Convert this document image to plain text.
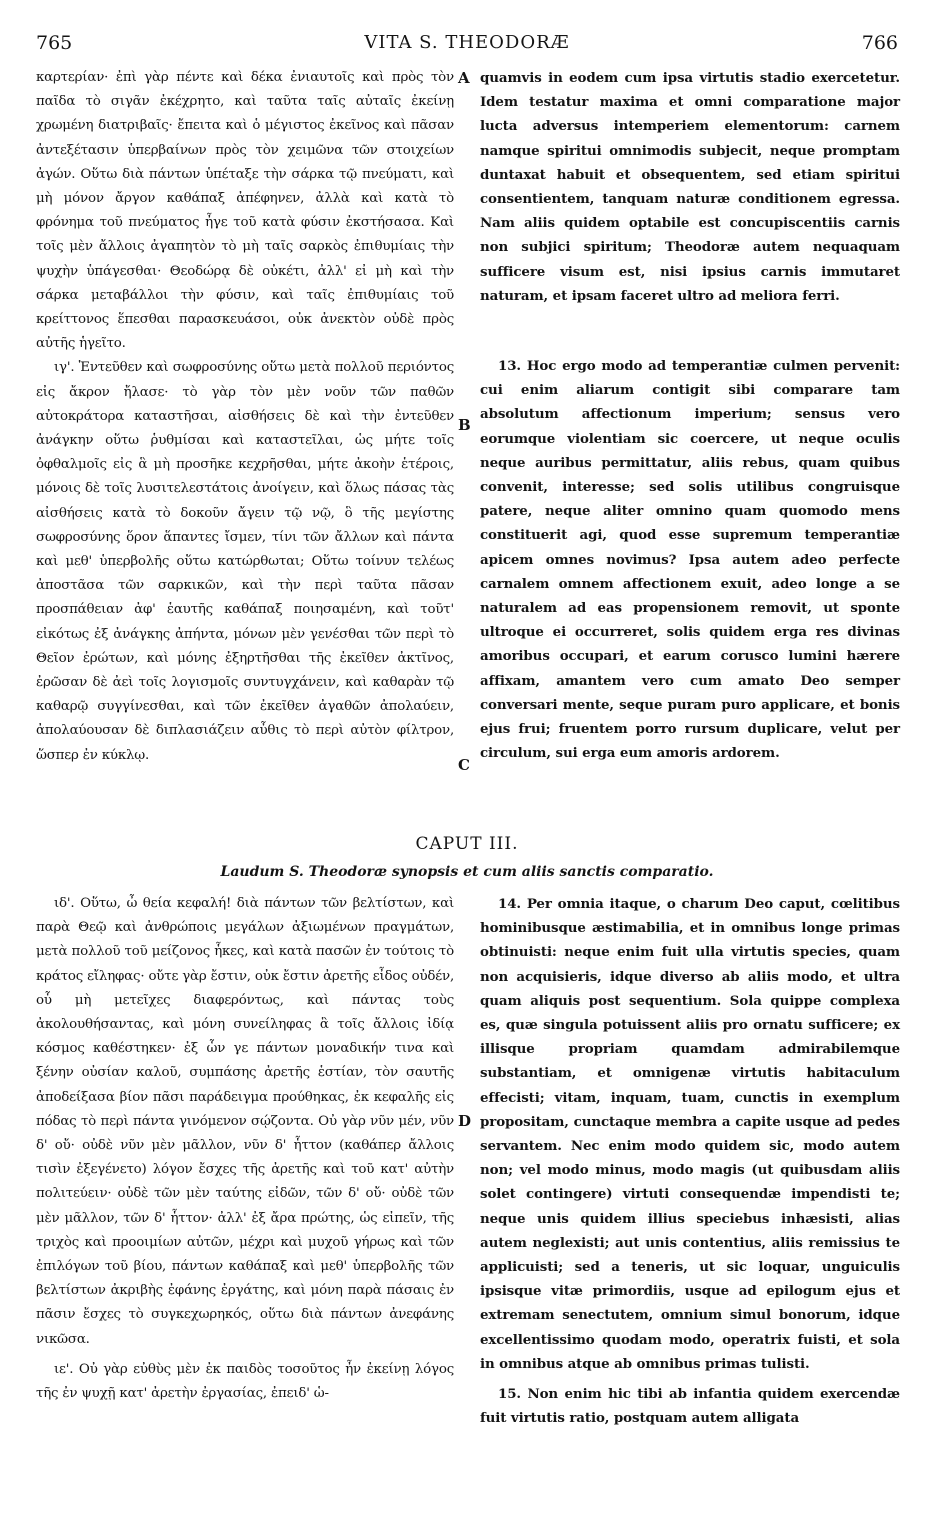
765	VITA S. THEODORÆ	766

καρτερίαν· ἐπὶ γὰρ πέντε καὶ δέκα ἐνιαυτοῖς καὶ πρὸς τὸν παῖδα τὸ σιγᾶν ἐκέχρητο, καὶ ταῦτα ταῖς αὐταῖς ἐκείνῃ χρωμένη διατριβαῖς· ἔπειτα καὶ ὁ μέγιστος ἐκεῖνος καὶ πᾶσαν ἀντεξέτασιν ὑπερβαίνων πρὸς τὸν χειμῶνα τῶν στοιχείων ἀγών. Οὕτω διὰ πάντων ὑπέταξε τὴν σάρκα τῷ πνεύματι, καὶ μὴ μόνον ἄργον καθάπαξ ἀπέφηνεν, ἀλλὰ καὶ κατὰ τὸ φρόνημα τοῦ πνεύματος ἦγε τοῦ κατὰ φύσιν ἐκστήσασα. Καὶ τοῖς μὲν ἄλλοις ἀγαπητὸν τὸ μὴ ταῖς σαρκὸς ἐπιθυμίαις τὴν ψυχὴν ὑπάγεσθαι· Θεοδώρᾳ δὲ οὐκέτι, ἀλλ' εἰ μὴ καὶ τὴν σάρκα μεταβάλλοι τὴν φύσιν, καὶ ταῖς ἐπιθυμίαις τοῦ κρείττονος ἕπεσθαι παρασκευάσοι, οὐκ ἀνεκτὸν οὐδὲ πρὸς αὐτῆς ἡγεῖτο.

ιγ'. Ἐντεῦθεν καὶ σωφροσύνης οὕτω μετὰ πολλοῦ περιόντος εἰς ἄκρον ἤλασε· τὸ γὰρ τὸν μὲν νοῦν τῶν παθῶν αὐτοκράτορα καταστῆσαι, αἰσθήσεις δὲ καὶ τὴν ἐντεῦθεν ἀνάγκην οὕτω ῥυθμίσαι καὶ καταστεῖλαι, ὡς μήτε τοῖς ὀφθαλμοῖς εἰς ἃ μὴ προσῆκε κεχρῆσθαι, μήτε ἀκοὴν ἑτέροις, μόνοις δὲ τοῖς λυσιτελεστάτοις ἀνοίγειν, καὶ ὅλως πάσας τὰς αἰσθήσεις κατὰ τὸ δοκοῦν ἄγειν τῷ νῷ, ὃ τῆς μεγίστης σωφροσύνης ὅρον ἅπαντες ἴσμεν, τίνι τῶν ἄλλων καὶ πάντα καὶ μεθ' ὑπερβολῆς οὕτω κατώρθωται; Οὕτω τοίνυν τελέως ἀποστᾶσα τῶν σαρκικῶν, καὶ τὴν περὶ ταῦτα πᾶσαν προσπάθειαν ἀφ' ἑαυτῆς καθάπαξ ποιησαμένη, καὶ τοῦτ' εἰκότως ἐξ ἀνάγκης ἀπήντα, μόνων μὲν γενέσθαι τῶν περὶ τὸ Θεῖον ἐρώτων, καὶ μόνης ἐξηρτῆσθαι τῆς ἐκεῖθεν ἀκτῖνος, ἐρῶσαν δὲ ἀεὶ τοῖς λογισμοῖς συντυγχάνειν, καὶ καθαρὰν τῷ καθαρῷ συγγίνεσθαι, καὶ τῶν ἐκεῖθεν ἀγαθῶν ἀπολαύειν, ἀπολαύουσαν δὲ διπλασιάζειν αὖθις τὸ περὶ αὐτὸν φίλτρον, ὥσπερ ἐν κύκλῳ.

quamvis in eodem cum ipsa virtutis stadio exercetetur. Idem testatur maxima et omni comparatione major lucta adversus intemperiem elementorum: carnem namque spiritui omnimodis subjecit, neque promptam duntaxat habuit et obsequentem, sed etiam spiritui consentientem, tanquam naturæ conditionem egressa. Nam aliis quidem optabile est concupiscentiis carnis non subjici spiritum; Theodoræ autem nequaquam sufficere visum est, nisi ipsius carnis immutaret naturam, et ipsam faceret ultro ad meliora ferri.

13. Hoc ergo modo ad temperantiæ culmen pervenit: cui enim aliarum contigit sibi comparare tam absolutum affectionum imperium; sensus vero eorumque violentiam sic coercere, ut neque oculis neque auribus permittatur, aliis rebus, quam quibus convenit, interesse; sed solis utilibus congruisque patere, neque aliter omnino quam quomodo mens constituerit agi, quod esse supremum temperantiæ apicem omnes novimus? Ipsa autem adeo perfecte carnalem omnem affectionem exuit, adeo longe a se naturalem ad eas propensionem removit, ut sponte ultroque ei occurreret, solis quidem erga res divinas amoribus occupari, et earum corusco lumini hærere affixam, amantem vero cum amato Deo semper conversari mente, seque puram puro applicare, et bonis ejus frui; fruentem porro rursum duplicare, velut per circulum, sui erga eum amoris ardorem.

A
B
C
D
CAPUT III.
Laudum S. Theodoræ synopsis et cum aliis sanctis comparatio.

ιδ'. Οὕτω, ὦ θεία κεφαλή! διὰ πάντων τῶν βελτίστων, καὶ παρὰ Θεῷ καὶ ἀνθρώποις μεγάλων ἀξιωμένων πραγμάτων, μετὰ πολλοῦ τοῦ μείζονος ἧκες, καὶ κατὰ πασῶν ἐν τούτοις τὸ κράτος εἴληφας· οὔτε γὰρ ἔστιν, οὐκ ἔστιν ἀρετῆς εἶδος οὐδέν, οὗ μὴ μετεῖχες διαφερόντως, καὶ πάντας τοὺς ἀκολουθήσαντας, καὶ μόνη συνείληφας ἃ τοῖς ἄλλοις ἰδίᾳ κόσμος καθέστηκεν· ἐξ ὧν γε πάντων μοναδικήν τινα καὶ ξένην οὐσίαν καλοῦ, συμπάσης ἀρετῆς ἑστίαν, τὸν σαυτῆς ἀποδείξασα βίον πᾶσι παράδειγμα προύθηκας, ἐκ κεφαλῆς εἰς πόδας τὸ περὶ πάντα γινόμενον σῴζοντα. Οὐ γὰρ νῦν μέν, νῦν δ' οὔ· οὐδὲ νῦν μὲν μᾶλλον, νῦν δ' ἧττον (καθάπερ ἄλλοις τισὶν ἐξεγένετο) λόγον ἔσχες τῆς ἀρετῆς καὶ τοῦ κατ' αὐτὴν πολιτεύειν· οὐδὲ τῶν μὲν ταύτης εἰδῶν, τῶν δ' οὔ· οὐδὲ τῶν μὲν μᾶλλον, τῶν δ' ἧττον· ἀλλ' ἐξ ἄρα πρώτης, ὡς εἰπεῖν, τῆς τριχὸς καὶ προοιμίων αὐτῶν, μέχρι καὶ μυχοῦ γήρως καὶ τῶν ἐπιλόγων τοῦ βίου, πάντων καθάπαξ καὶ μεθ' ὑπερβολῆς τῶν βελτίστων ἀκριβὴς ἐφάνης ἐργάτης, καὶ μόνη παρὰ πάσαις ἐν πᾶσιν ἔσχες τὸ συγκεχωρηκός, οὕτω διὰ πάντων ἀνεφάνης νικῶσα.

ιε'. Οὐ γὰρ εὐθὺς μὲν ἐκ παιδὸς τοσοῦτος ἦν ἐκείνῃ λόγος τῆς ἐν ψυχῇ κατ' ἀρετὴν ἐργασίας, ἐπειδ' ὡ-

14. Per omnia itaque, o charum Deo caput, cœlitibus hominibusque æstimabilia, et in omnibus longe primas obtinuisti: neque enim fuit ulla virtutis species, quam non acquisieris, idque diverso ab aliis modo, et ultra quam aliquis post sequentium. Sola quippe complexa es, quæ singula potuissent aliis pro ornatu sufficere; ex illisque propriam quamdam admirabilemque substantiam, et omnigenæ virtutis habitaculum effecisti; vitam, inquam, tuam, cunctis in exemplum propositam, cunctaque membra a capite usque ad pedes servantem. Nec enim modo quidem sic, modo autem non; vel modo minus, modo magis (ut quibusdam aliis solet contingere) virtuti consequendæ impendisti te; neque unis quidem illius speciebus inhæsisti, alias autem neglexisti; aut unis contentius, aliis remissius te applicuisti; sed a teneris, ut sic loquar, unguiculis ipsisque vitæ primordiis, usque ad epilogum ejus et extremam senectutem, omnium simul bonorum, idque excellentissimo quodam modo, operatrix fuisti, et sola in omnibus atque ab omnibus primas tulisti.

15. Non enim hic tibi ab infantia quidem exercendæ fuit virtutis ratio, postquam autem alligata
